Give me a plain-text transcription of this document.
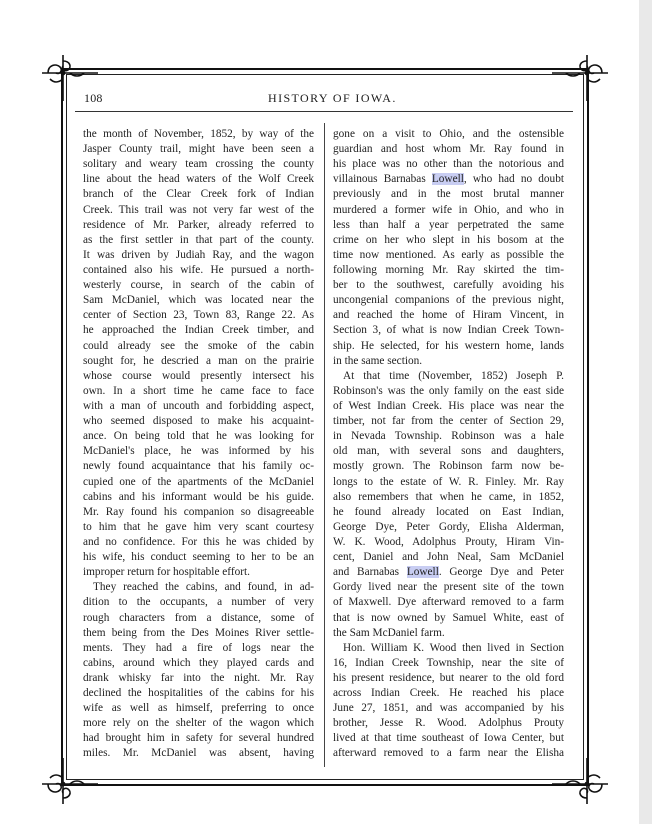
108	HISTORY OF IOWA.
the month of November, 1852, by way of the
Jasper County trail, might have been seen a
solitary and weary team crossing the county
line about the head waters of the Wolf Creek
branch of the Clear Creek fork of Indian
Creek. This trail was not very far west of the
residence of Mr. Parker, already referred to
as the first settler in that part of the county.
It was driven by Judiah Ray, and the wagon
contained also his wife. He pursued a north-
westerly course, in search of the cabin of
Sam McDaniel, which was located near the
center of Section 23, Town 83, Range 22. As
he approached the Indian Creek timber, and
could already see the smoke of the cabin
sought for, he descried a man on the prairie
whose course would presently intersect his
own. In a short time he came face to face
with a man of uncouth and forbidding aspect,
who seemed disposed to make his acquaint-
ance. On being told that he was looking for
McDaniel's place, he was informed by his
newly found acquaintance that his family oc-
cupied one of the apartments of the McDaniel
cabins and his informant would be his guide.
Mr. Ray found his companion so disagreeable
to him that he gave him very scant courtesy
and no confidence. For this he was chided by
his wife, his conduct seeming to her to be an
improper return for hospitable effort.
They reached the cabins, and found, in ad-
dition to the occupants, a number of very
rough characters from a distance, some of
them being from the Des Moines River settle-
ments. They had a fire of logs near the
cabins, around which they played cards and
drank whisky far into the night. Mr. Ray
declined the hospitalities of the cabins for his
wife as well as himself, preferring to once
more rely on the shelter of the wagon which
had brought him in safety for several hundred
miles. Mr. McDaniel was absent, having
gone on a visit to Ohio, and the ostensible
guardian and host whom Mr. Ray found in
his place was no other than the notorious and
villainous Barnabas Lowell, who had no doubt
previously and in the most brutal manner
murdered a former wife in Ohio, and who in
less than half a year perpetrated the same
crime on her who slept in his bosom at the
time now mentioned. As early as possible the
following morning Mr. Ray skirted the tim-
ber to the southwest, carefully avoiding his
uncongenial companions of the previous night,
and reached the home of Hiram Vincent, in
Section 3, of what is now Indian Creek Town-
ship. He selected, for his western home, lands
in the same section.
At that time (November, 1852) Joseph P.
Robinson's was the only family on the east side
of West Indian Creek. His place was near the
timber, not far from the center of Section 29,
in Nevada Township. Robinson was a hale
old man, with several sons and daughters,
mostly grown. The Robinson farm now be-
longs to the estate of W. R. Finley. Mr. Ray
also remembers that when he came, in 1852,
he found already located on East Indian,
George Dye, Peter Gordy, Elisha Alderman,
W. K. Wood, Adolphus Prouty, Hiram Vin-
cent, Daniel and John Neal, Sam McDaniel
and Barnabas Lowell. George Dye and Peter
Gordy lived near the present site of the town
of Maxwell. Dye afterward removed to a farm
that is now owned by Samuel White, east of
the Sam McDaniel farm.
Hon. William K. Wood then lived in Section
16, Indian Creek Township, near the site of
his present residence, but nearer to the old ford
across Indian Creek. He reached his place
June 27, 1851, and was accompanied by his
brother, Jesse R. Wood. Adolphus Prouty
lived at that time southeast of Iowa Center, but
afterward removed to a farm near the Elisha
